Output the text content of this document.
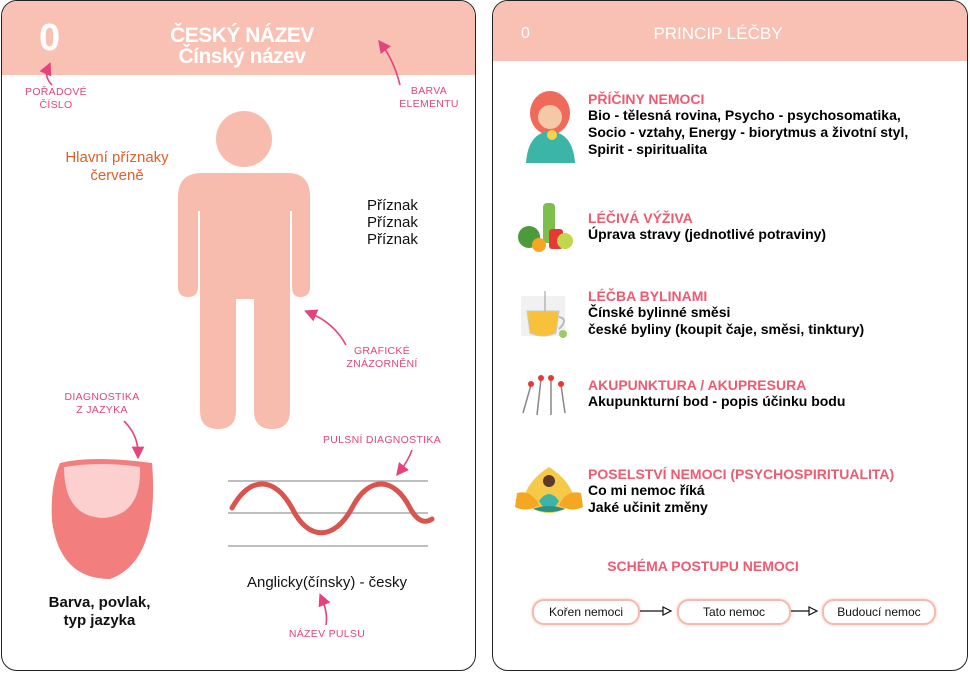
0	ČESKÝ NÁZEV
Čínský název
POŘADOVÉ
ČÍSLO
BARVA
ELEMENTU
Hlavní příznaky
červeně
Příznak
Příznak
Příznak
GRAFICKÉ
ZNÁZORNĚNÍ
DIAGNOSTIKA
Z JAZYKA
PULSNÍ DIAGNOSTIKA
Barva, povlak,
typ jazyka
Anglicky(čínsky) - česky
NÁZEV PULSU
0	PRINCIP LÉČBY
PŘÍČINY NEMOCI
Bio - tělesná rovina, Psycho - psychosomatika,
Socio - vztahy, Energy - biorytmus a životní styl,
Spirit - spiritualita
LÉČIVÁ VÝŽIVA
Úprava stravy (jednotlivé potraviny)
LÉČBA BYLINAMI
Čínské bylinné směsi
české byliny (koupit čaje, směsi, tinktury)
AKUPUNKTURA / AKUPRESURA
Akupunkturní bod - popis účinku bodu
POSELSTVÍ NEMOCI (PSYCHOSPIRITUALITA)
Co mi nemoc říká
Jaké učinit změny
SCHÉMA POSTUPU NEMOCI
Kořen nemoci	Tato nemoc	Budoucí nemoc
